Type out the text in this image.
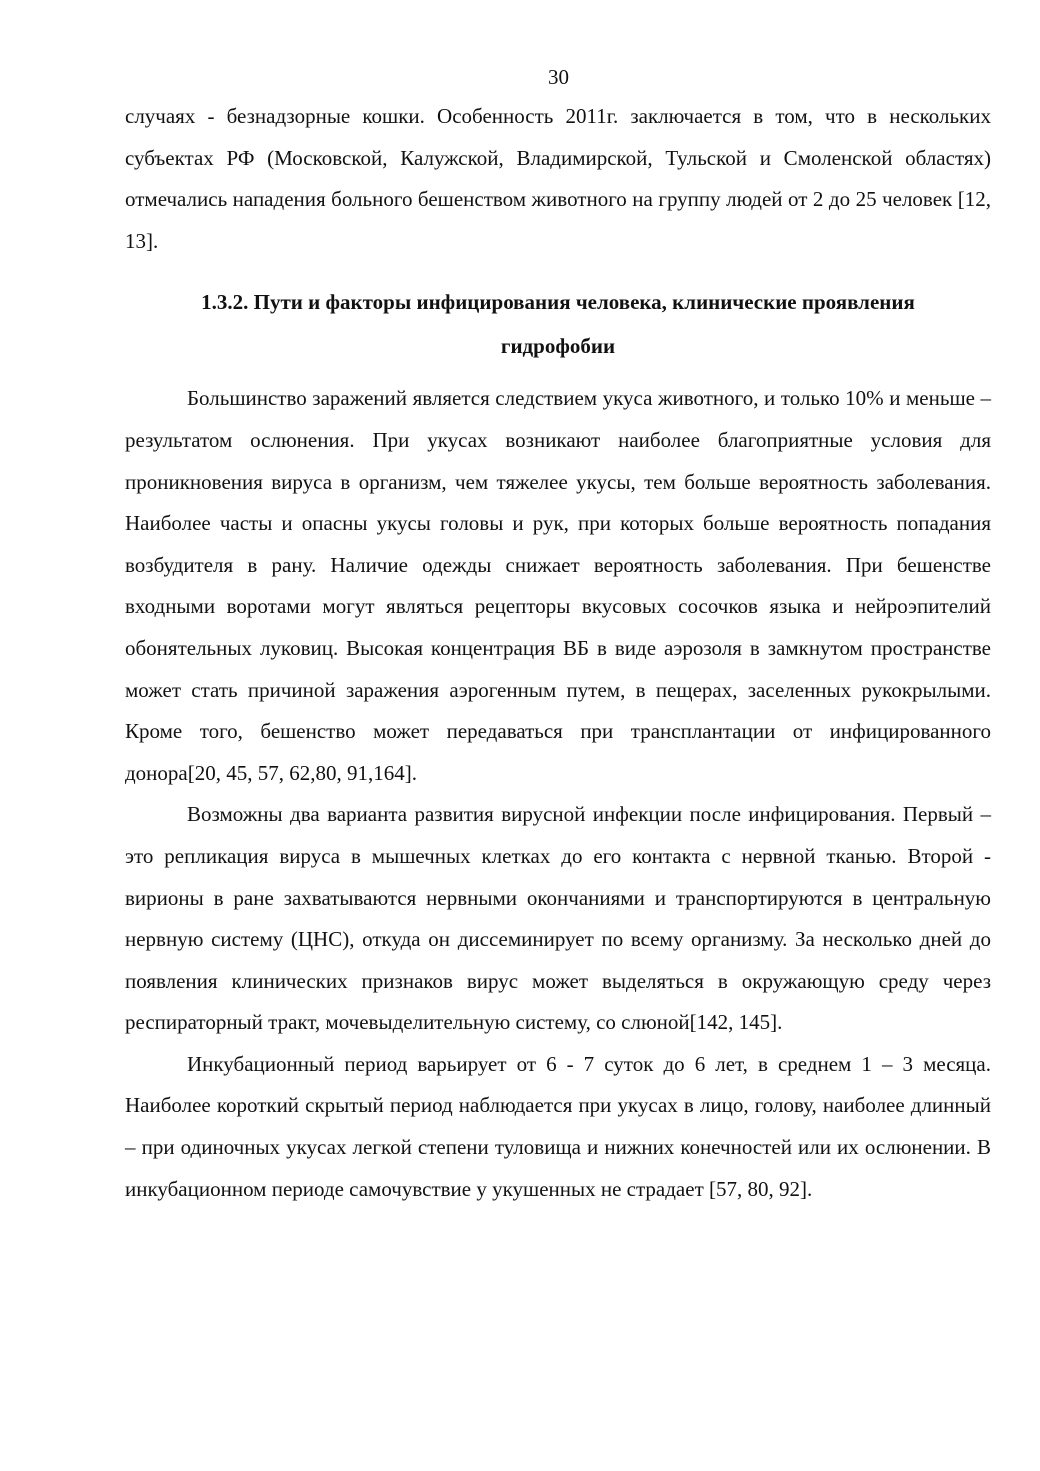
30

случаях - безнадзорные кошки. Особенность 2011г. заключается в том, что в нескольких субъектах РФ (Московской, Калужской, Владимирской, Тульской и Смоленской областях) отмечались нападения больного бешенством животного на группу людей от 2 до 25 человек [12, 13].

1.3.2. Пути и факторы инфицирования человека, клинические проявления
гидрофобии

Большинство заражений является следствием укуса животного, и только 10% и меньше – результатом ослюнения. При укусах возникают наиболее благоприятные условия для проникновения вируса в организм, чем тяжелее укусы, тем больше вероятность заболевания. Наиболее часты и опасны укусы головы и рук, при которых больше вероятность попадания возбудителя в рану. Наличие одежды снижает вероятность заболевания. При бешенстве входными воротами могут являться рецепторы вкусовых сосочков языка и нейроэпителий обонятельных луковиц. Высокая концентрация ВБ в виде аэрозоля в замкнутом пространстве может стать причиной заражения аэрогенным путем, в пещерах, заселенных рукокрылыми. Кроме того, бешенство может передаваться при трансплантации от инфицированного донора[20, 45, 57, 62,80, 91,164].

Возможны два варианта развития вирусной инфекции после инфицирования. Первый – это репликация вируса в мышечных клетках до его контакта с нервной тканью. Второй - вирионы в ране захватываются нервными окончаниями и транспортируются в центральную нервную систему (ЦНС), откуда он диссеминирует по всему организму. За несколько дней до появления клинических признаков вирус может выделяться в окружающую среду через респираторный тракт, мочевыделительную систему, со слюной[142, 145].

Инкубационный период варьирует от 6 - 7 суток до 6 лет, в среднем 1 – 3 месяца. Наиболее короткий скрытый период наблюдается при укусах в лицо, голову, наиболее длинный – при одиночных укусах легкой степени туловища и нижних конечностей или их ослюнении. В инкубационном периоде самочувствие у укушенных не страдает [57, 80, 92].
